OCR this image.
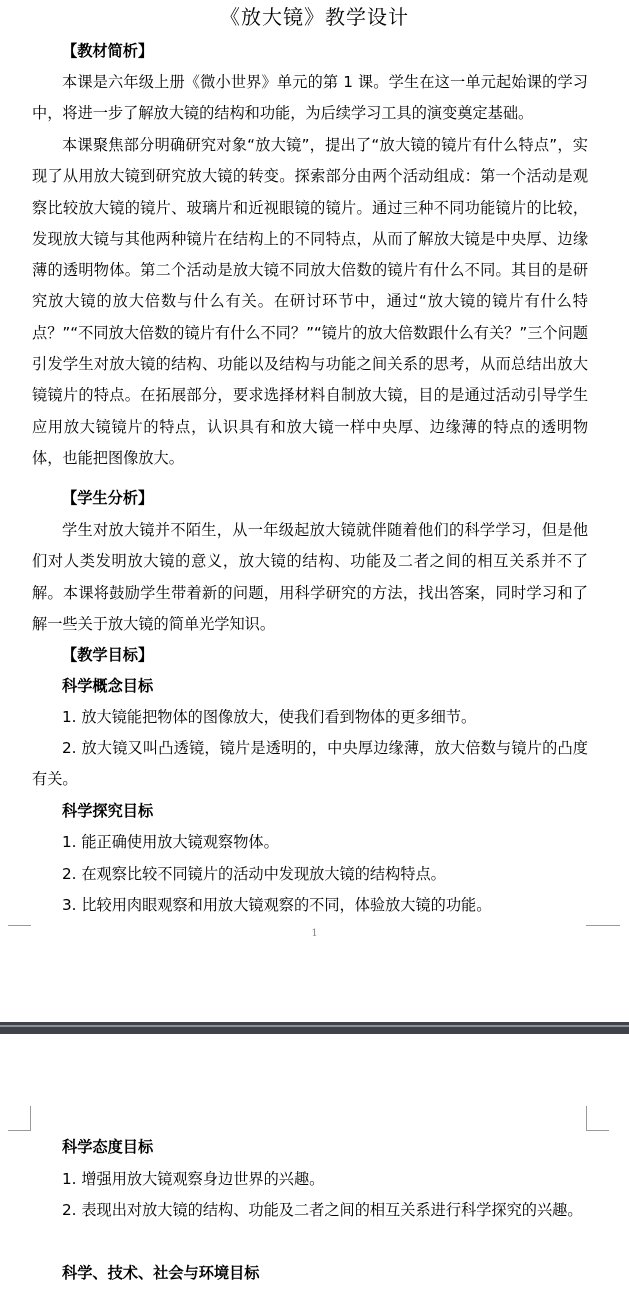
《放大镜》教学设计

【教材简析】

本课是六年级上册《微小世界》单元的第 1 课。学生在这一单元起始课的学习中，将进一步了解放大镜的结构和功能，为后续学习工具的演变奠定基础。

本课聚焦部分明确研究对象“放大镜”，提出了“放大镜的镜片有什么特点”，实现了从用放大镜到研究放大镜的转变。探索部分由两个活动组成：第一个活动是观察比较放大镜的镜片、玻璃片和近视眼镜的镜片。通过三种不同功能镜片的比较，发现放大镜与其他两种镜片在结构上的不同特点，从而了解放大镜是中央厚、边缘薄的透明物体。第二个活动是放大镜不同放大倍数的镜片有什么不同。其目的是研究放大镜的放大倍数与什么有关。在研讨环节中，通过“放大镜的镜片有什么特点？”“不同放大倍数的镜片有什么不同？”“镜片的放大倍数跟什么有关？”三个问题引发学生对放大镜的结构、功能以及结构与功能之间关系的思考，从而总结出放大镜镜片的特点。在拓展部分，要求选择材料自制放大镜，目的是通过活动引导学生应用放大镜镜片的特点，认识具有和放大镜一样中央厚、边缘薄的特点的透明物体，也能把图像放大。

【学生分析】

学生对放大镜并不陌生，从一年级起放大镜就伴随着他们的科学学习，但是他们对人类发明放大镜的意义，放大镜的结构、功能及二者之间的相互关系并不了解。本课将鼓励学生带着新的问题，用科学研究的方法，找出答案，同时学习和了解一些关于放大镜的简单光学知识。

【教学目标】

科学概念目标

1. 放大镜能把物体的图像放大，使我们看到物体的更多细节。

2. 放大镜又叫凸透镜，镜片是透明的，中央厚边缘薄，放大倍数与镜片的凸度有关。

科学探究目标

1. 能正确使用放大镜观察物体。

2. 在观察比较不同镜片的活动中发现放大镜的结构特点。

3. 比较用肉眼观察和用放大镜观察的不同，体验放大镜的功能。

1

科学态度目标

1. 增强用放大镜观察身边世界的兴趣。

2. 表现出对放大镜的结构、功能及二者之间的相互关系进行科学探究的兴趣。

科学、技术、社会与环境目标
